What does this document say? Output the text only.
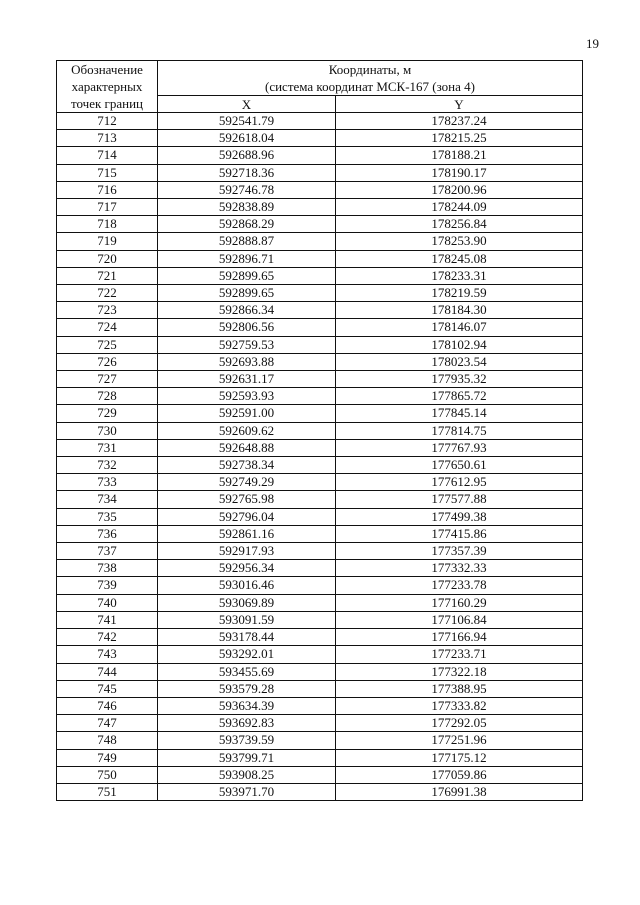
19
Обозначение
характерных
точек границ	Координаты, м	
	(система координат МСК-167 (зона 4)	
	X	Y
712	592541.79	178237.24
713	592618.04	178215.25
714	592688.96	178188.21
715	592718.36	178190.17
716	592746.78	178200.96
717	592838.89	178244.09
718	592868.29	178256.84
719	592888.87	178253.90
720	592896.71	178245.08
721	592899.65	178233.31
722	592899.65	178219.59
723	592866.34	178184.30
724	592806.56	178146.07
725	592759.53	178102.94
726	592693.88	178023.54
727	592631.17	177935.32
728	592593.93	177865.72
729	592591.00	177845.14
730	592609.62	177814.75
731	592648.88	177767.93
732	592738.34	177650.61
733	592749.29	177612.95
734	592765.98	177577.88
735	592796.04	177499.38
736	592861.16	177415.86
737	592917.93	177357.39
738	592956.34	177332.33
739	593016.46	177233.78
740	593069.89	177160.29
741	593091.59	177106.84
742	593178.44	177166.94
743	593292.01	177233.71
744	593455.69	177322.18
745	593579.28	177388.95
746	593634.39	177333.82
747	593692.83	177292.05
748	593739.59	177251.96
749	593799.71	177175.12
750	593908.25	177059.86
751	593971.70	176991.38
